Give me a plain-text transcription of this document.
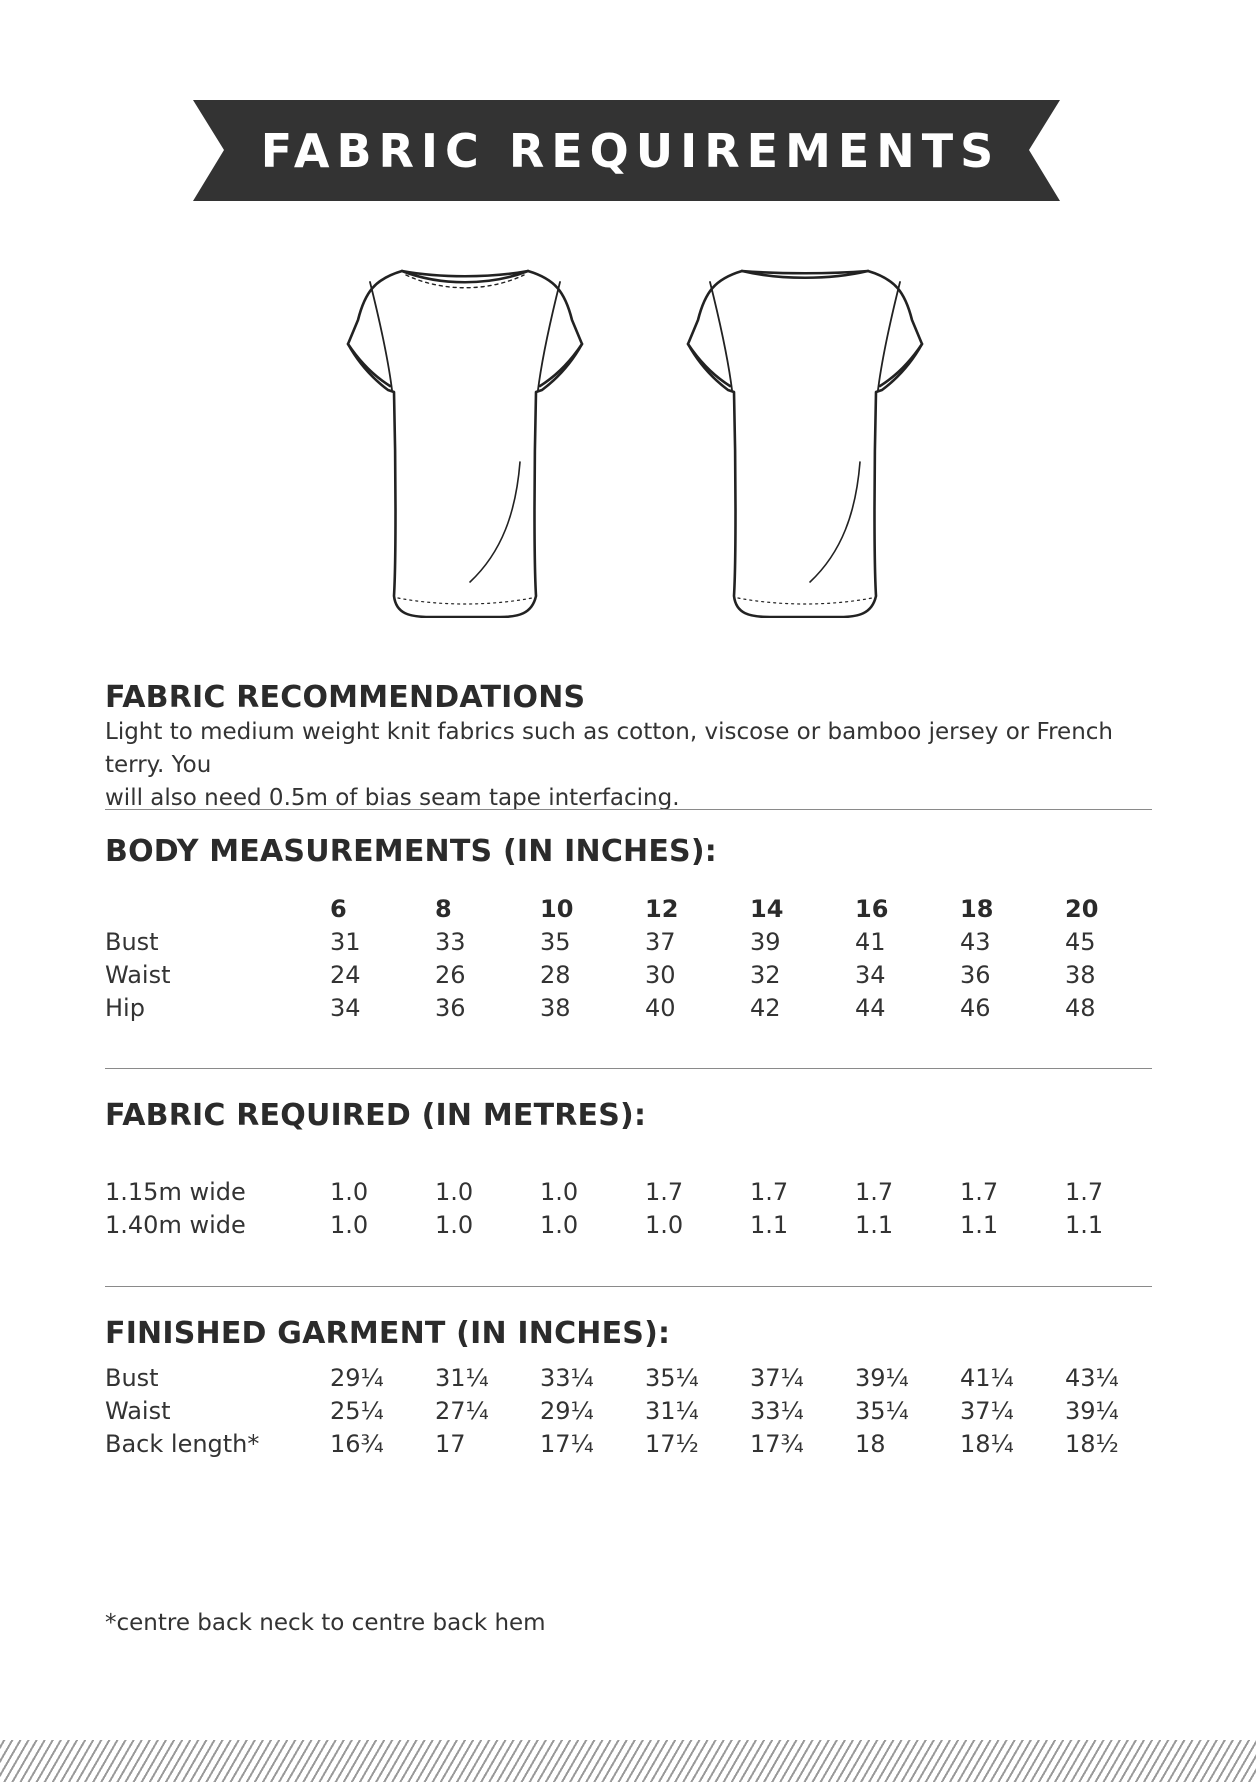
FABRIC REQUIREMENTS
FABRIC RECOMMENDATIONS
Light to medium weight knit fabrics such as cotton, viscose or bamboo jersey or French terry. You
will also need 0.5m of bias seam tape interfacing.
BODY MEASUREMENTS (IN INCHES):
6	8	10	12	14	16	18	20
Bust	31	33	35	37	39	41	43	45
Waist	24	26	28	30	32	34	36	38
Hip	34	36	38	40	42	44	46	48
FABRIC REQUIRED (IN METRES):
1.15m wide	1.0	1.0	1.0	1.7	1.7	1.7	1.7	1.7
1.40m wide	1.0	1.0	1.0	1.0	1.1	1.1	1.1	1.1
FINISHED GARMENT (IN INCHES):
Bust	29¼ 31¼ 33¼ 35¼ 37¼ 39¼ 41¼ 43¼
Waist	25¼ 27¼ 29¼ 31¼ 33¼ 35¼ 37¼ 39¼
Back length*	16¾ 17	17¼ 17½ 17¾ 18	18¼ 18½
*centre back neck to centre back hem
